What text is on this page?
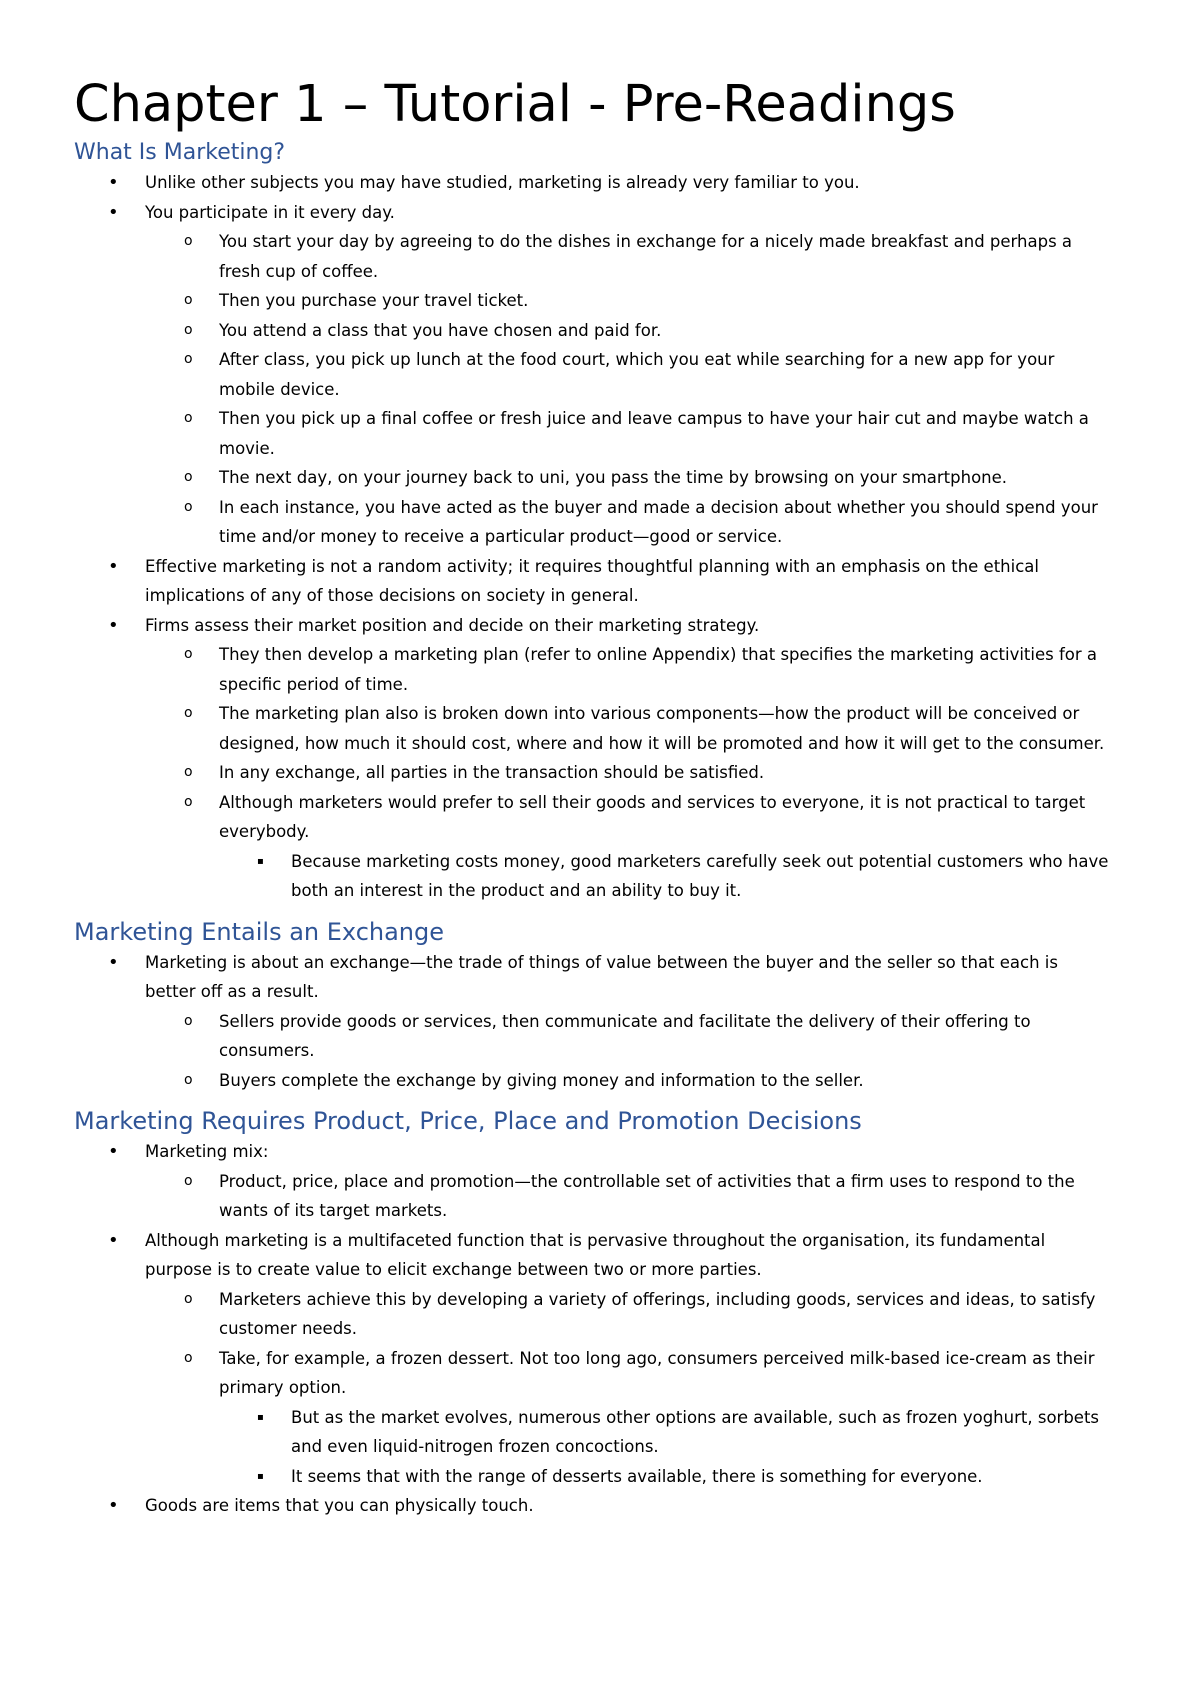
Chapter 1 – Tutorial - Pre-Readings
What Is Marketing?
• Unlike other subjects you may have studied, marketing is already very familiar to you.
• You participate in it every day.
o You start your day by agreeing to do the dishes in exchange for a nicely made breakfast and perhaps a fresh cup of coffee.
o Then you purchase your travel ticket.
o You attend a class that you have chosen and paid for.
o After class, you pick up lunch at the food court, which you eat while searching for a new app for your mobile device.
o Then you pick up a final coffee or fresh juice and leave campus to have your hair cut and maybe watch a movie.
o The next day, on your journey back to uni, you pass the time by browsing on your smartphone.
o In each instance, you have acted as the buyer and made a decision about whether you should spend your time and/or money to receive a particular product—good or service.
• Effective marketing is not a random activity; it requires thoughtful planning with an emphasis on the ethical implications of any of those decisions on society in general.
• Firms assess their market position and decide on their marketing strategy.
o They then develop a marketing plan (refer to online Appendix) that specifies the marketing activities for a specific period of time.
o The marketing plan also is broken down into various components—how the product will be conceived or designed, how much it should cost, where and how it will be promoted and how it will get to the consumer.
o In any exchange, all parties in the transaction should be satisfied.
o Although marketers would prefer to sell their goods and services to everyone, it is not practical to target everybody.
▪ Because marketing costs money, good marketers carefully seek out potential customers who have both an interest in the product and an ability to buy it.
Marketing Entails an Exchange
• Marketing is about an exchange—the trade of things of value between the buyer and the seller so that each is better off as a result.
o Sellers provide goods or services, then communicate and facilitate the delivery of their offering to consumers.
o Buyers complete the exchange by giving money and information to the seller.
Marketing Requires Product, Price, Place and Promotion Decisions
• Marketing mix:
o Product, price, place and promotion—the controllable set of activities that a firm uses to respond to the wants of its target markets.
• Although marketing is a multifaceted function that is pervasive throughout the organisation, its fundamental purpose is to create value to elicit exchange between two or more parties.
o Marketers achieve this by developing a variety of offerings, including goods, services and ideas, to satisfy customer needs.
o Take, for example, a frozen dessert. Not too long ago, consumers perceived milk-based ice-cream as their primary option.
▪ But as the market evolves, numerous other options are available, such as frozen yoghurt, sorbets and even liquid-nitrogen frozen concoctions.
▪ It seems that with the range of desserts available, there is something for everyone.
• Goods are items that you can physically touch.
